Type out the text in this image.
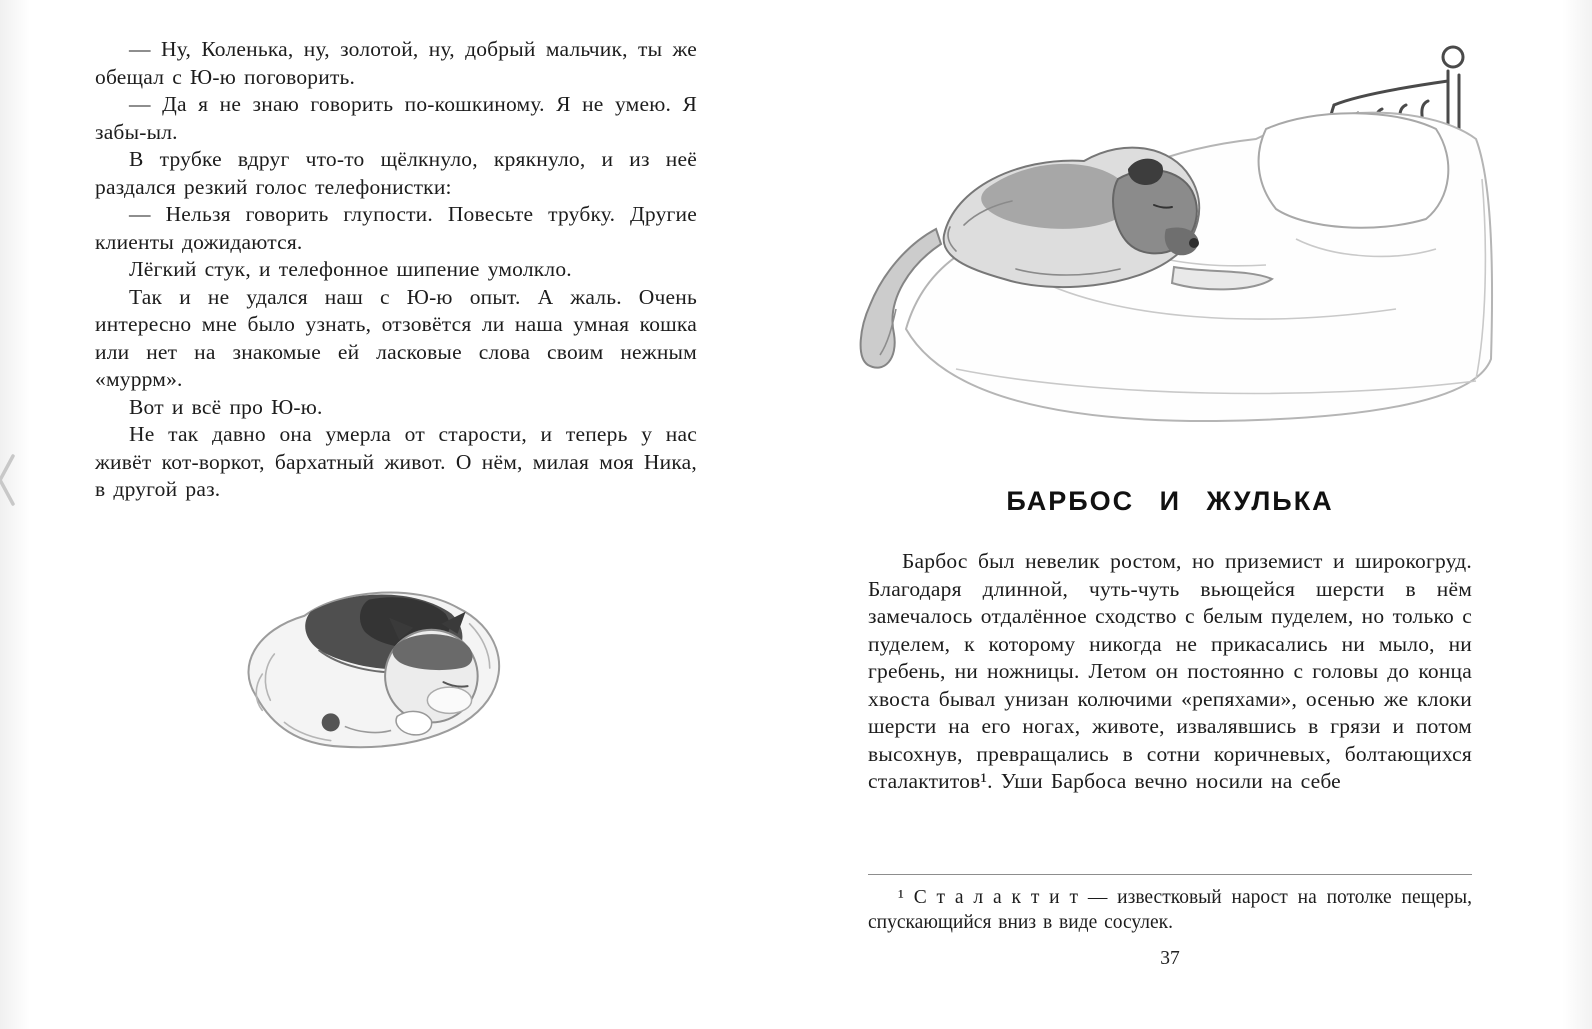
— Ну, Коленька, ну, золотой, ну, добрый мальчик, ты же обещал с Ю-ю поговорить.

— Да я не знаю говорить по-кошкиному. Я не умею. Я забы-ыл.

В трубке вдруг что-то щёлкнуло, крякнуло, и из неё раздался резкий голос телефонистки:

— Нельзя говорить глупости. Повесьте трубку. Другие клиенты дожидаются.

Лёгкий стук, и телефонное шипение умолкло.

Так и не удался наш с Ю-ю опыт. А жаль. Очень интересно мне было узнать, отзовётся ли наша умная кошка или нет на знакомые ей ласковые слова своим нежным «муррм».

Вот и всё про Ю-ю.

Не так давно она умерла от старости, и теперь у нас живёт кот-воркот, бархатный живот. О нём, милая моя Ника, в другой раз.	БАРБОС И ЖУЛЬКА

Барбос был невелик ростом, но приземист и широкогруд. Благодаря длинной, чуть-чуть вьющейся шерсти в нём замечалось отдалённое сходство с белым пуделем, но только с пуделем, к которому никогда не прикасались ни мыло, ни гребень, ни ножницы. Летом он постоянно с головы до конца хвоста бывал унизан колючими «репяхами», осенью же клоки шерсти на его ногах, животе, извалявшись в грязи и потом высохнув, превращались в сотни коричневых, болтающихся сталактитов¹. Уши Барбоса вечно носили на себе

¹ С т а л а к т и т — известковый нарост на потолке пещеры, спускающийся вниз в виде сосулек.

37
